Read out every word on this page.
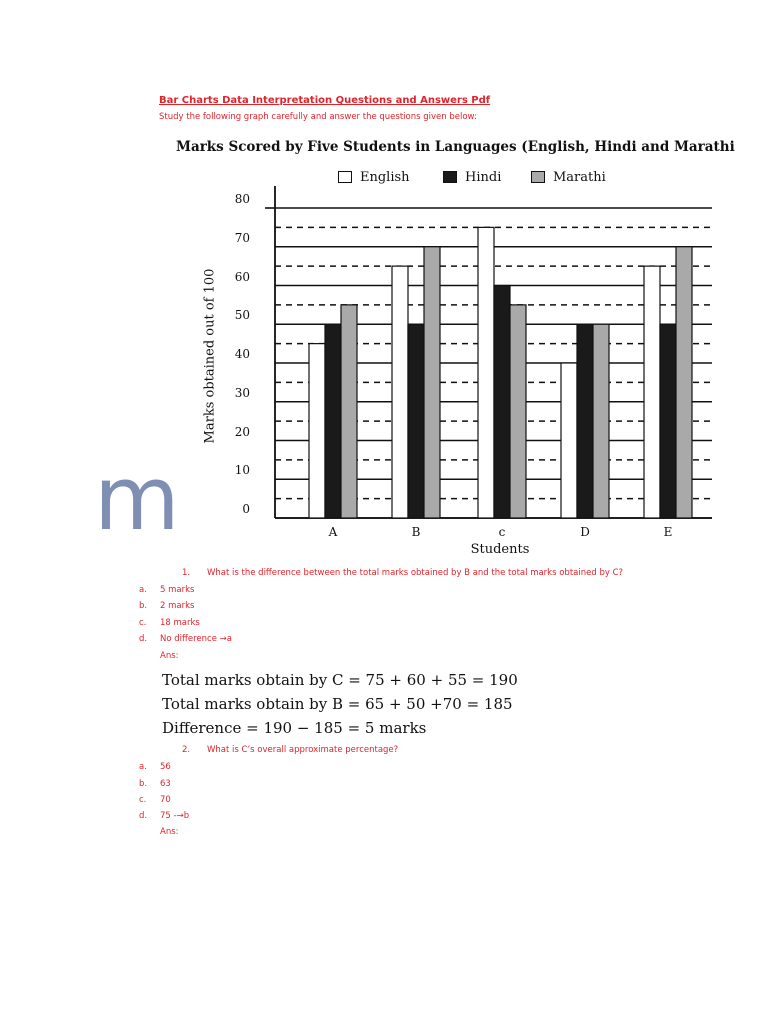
Bar Charts Data Interpretation Questions and Answers Pdf
Study the following graph carefully and answer the questions given below:
Marks Scored by Five Students in Languages (English, Hindi and Marathi
English	Hindi	Marathi
Marks obtained out of 100
0
10
20
30
40
50
60
70
80
A	B	c	D	E
Students
m
1. What is the difference between the total marks obtained by B and the total marks obtained by C?
a. 5 marks
b. 2 marks
c. 18 marks
d. No difference →a
Ans:
Total marks obtain by C = 75 + 60 + 55 = 190
Total marks obtain by B = 65 + 50 +70 = 185
Difference = 190 − 185 = 5 marks
2. What is C’s overall approximate percentage?
a. 56
b. 63
c. 70
d. 75 -→b
Ans:
